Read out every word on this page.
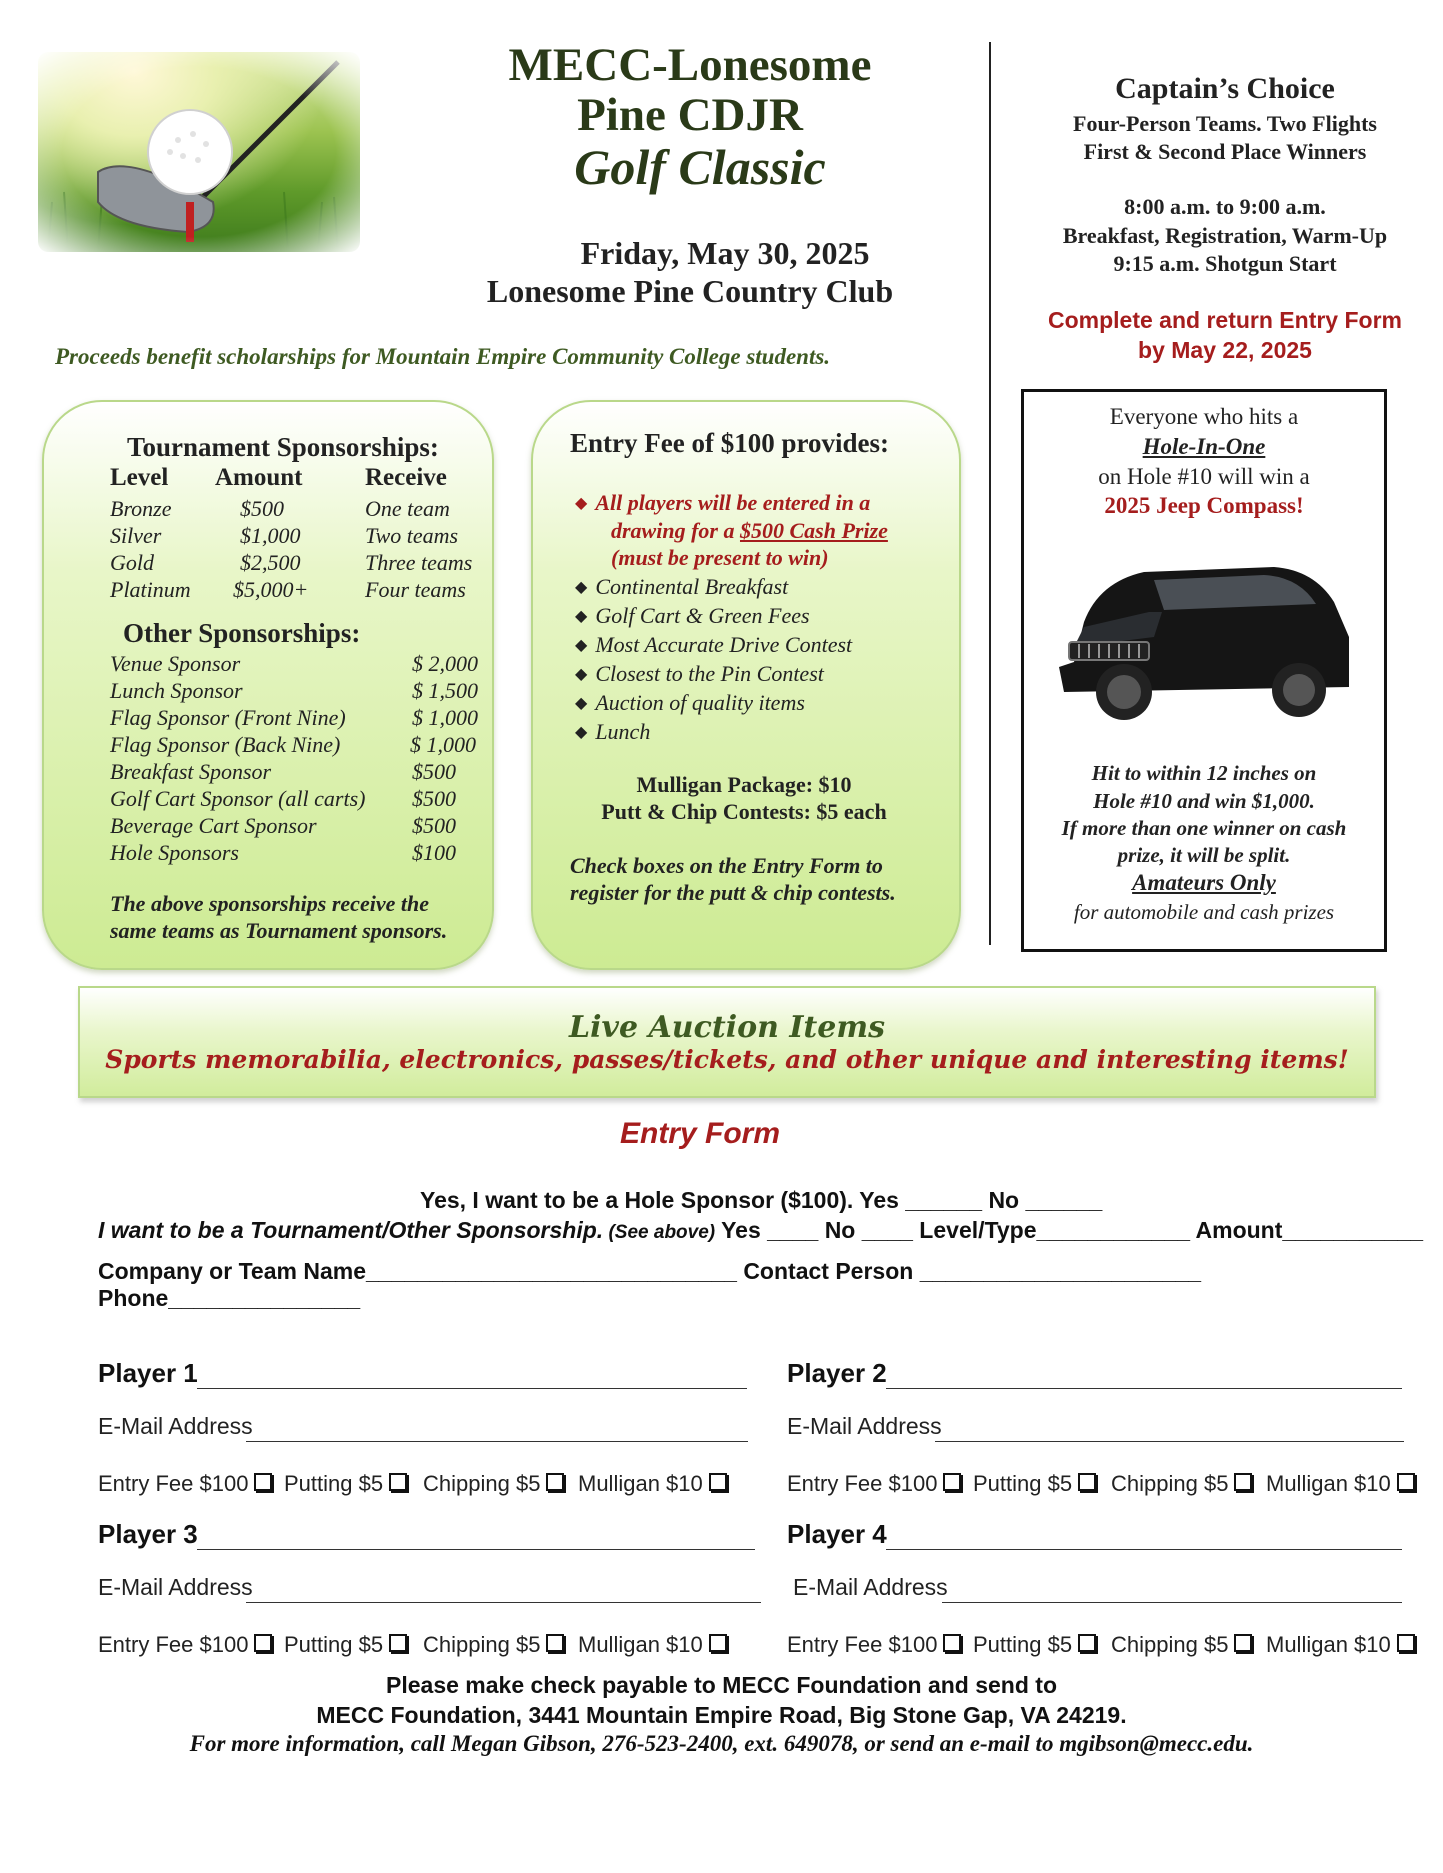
MECC-Lonesome
Pine CDJR
Golf Classic
Friday, May 30, 2025
Lonesome Pine Country Club
Proceeds benefit scholarships for Mountain Empire Community College students.
Captain’s Choice
Four-Person Teams. Two Flights
First & Second Place Winners
8:00 a.m. to 9:00 a.m.
Breakfast, Registration, Warm-Up
9:15 a.m. Shotgun Start
Complete and return Entry Form
by May 22, 2025
Everyone who hits a
Hole-In-One
on Hole #10 will win a
2025 Jeep Compass!
Hit to within 12 inches on
Hole #10 and win $1,000.
If more than one winner on cash
prize, it will be split.
Amateurs Only
for automobile and cash prizes
Tournament Sponsorships:
Level Amount Receive
Bronze	$500	One team
Silver	$1,000	Two teams
Gold	$2,500	Three teams
Platinum $5,000+	Four teams
Other Sponsorships:
Venue Sponsor	$ 2,000
Lunch Sponsor	$ 1,500
Flag Sponsor (Front Nine)	$ 1,000
Flag Sponsor (Back Nine)	$ 1,000
Breakfast Sponsor	$500
Golf Cart Sponsor (all carts) $500
Beverage Cart Sponsor	$500
Hole Sponsors	$100
The above sponsorships receive the
same teams as Tournament sponsors.
Entry Fee of $100 provides:
◆ All players will be entered in a
drawing for a $500 Cash Prize
(must be present to win)
◆ Continental Breakfast
◆ Golf Cart & Green Fees
◆ Most Accurate Drive Contest
◆ Closest to the Pin Contest
◆ Auction of quality items
◆ Lunch
Mulligan Package: $10
Putt & Chip Contests: $5 each
Check boxes on the Entry Form to
register for the putt & chip contests.
Live Auction Items
Sports memorabilia, electronics, passes/tickets, and other unique and interesting items!
Entry Form
Yes, I want to be a Hole Sponsor ($100). Yes ______ No ______
I want to be a Tournament/Other Sponsorship. (See above) Yes ____ No ____ Level/Type____________ Amount___________
Company or Team Name_____________________________ Contact Person ______________________ Phone_______________
Player 1
E-Mail Address
Entry Fee $100	Putting $5	Chipping $5	Mulligan $10
Player 2
E-Mail Address
Entry Fee $100	Putting $5	Chipping $5	Mulligan $10
Player 3
E-Mail Address
Entry Fee $100	Putting $5	Chipping $5	Mulligan $10
Player 4
E-Mail Address
Entry Fee $100	Putting $5	Chipping $5	Mulligan $10
Please make check payable to MECC Foundation and send to
MECC Foundation, 3441 Mountain Empire Road, Big Stone Gap, VA 24219.
For more information, call Megan Gibson, 276-523-2400, ext. 649078, or send an e-mail to mgibson@mecc.edu.
